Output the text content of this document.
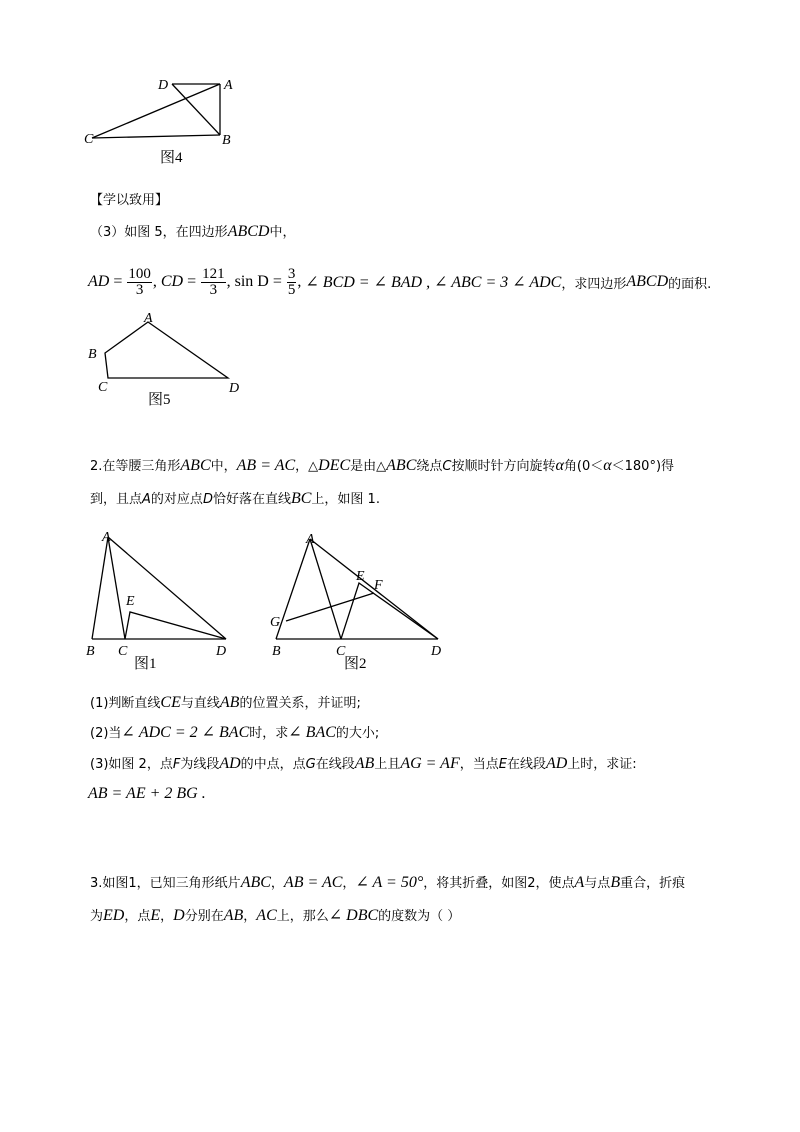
D	A
C	B
图4
【学以致用】
（3）如图 5，在四边形ABCD中，
AD = $\frac{100}{3}$ , CD = $\frac{121}{3}$ , $\sin D = \frac{3}{5}$ , ∠ BCD = ∠ BAD , ∠ ABC = 3 ∠ ADC ，求四边形 ABCD 的面积.
A
B
C	D
图5
2.在等腰三角形ABC中，AB = AC，△DEC是由△ABC绕点C按顺时针方向旋转α角(0＜α＜180°)得
到，且点A的对应点D恰好落在直线BC上，如图 1.
A
E
B C	D
图1
A
E
F
G
B	C	D
图2
(1)判断直线CE与直线AB的位置关系，并证明;
(2)当∠ ADC = 2 ∠ BAC时，求∠ BAC的大小;
(3)如图 2，点F为线段AD的中点，点G在线段AB上且AG = AF，当点E在线段AD上时，求证:
AB = AE + 2 BG .
3.如图1，已知三角形纸片ABC，AB = AC，∠ A = 50°，将其折叠，如图2，使点A与点B重合，折痕
为ED，点E，D分别在AB，AC上，那么∠ DBC的度数为（ ）
